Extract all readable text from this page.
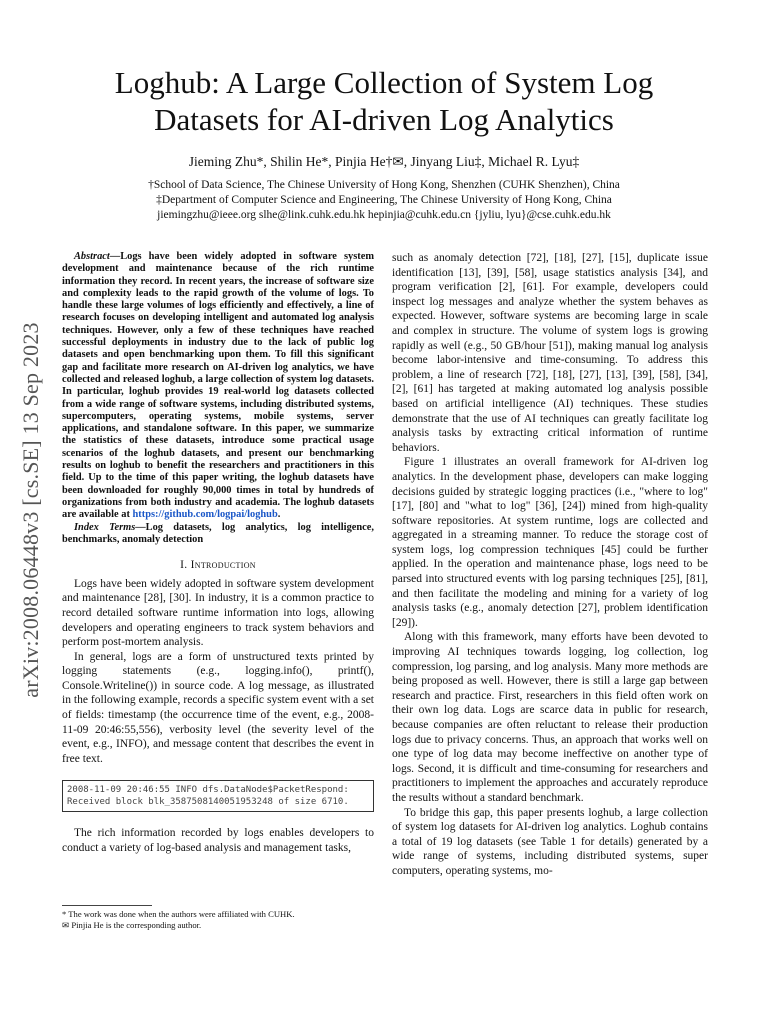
arXiv:2008.06448v3 [cs.SE] 13 Sep 2023
Loghub: A Large Collection of System Log
Datasets for AI-driven Log Analytics
Jieming Zhu*, Shilin He*, Pinjia He†✉, Jinyang Liu‡, Michael R. Lyu‡
†School of Data Science, The Chinese University of Hong Kong, Shenzhen (CUHK Shenzhen), China
‡Department of Computer Science and Engineering, The Chinese University of Hong Kong, China
jiemingzhu@ieee.org slhe@link.cuhk.edu.hk hepinjia@cuhk.edu.cn {jyliu, lyu}@cse.cuhk.edu.hk

Abstract—Logs have been widely adopted in software system development and maintenance because of the rich runtime information they record. In recent years, the increase of software size and complexity leads to the rapid growth of the volume of logs. To handle these large volumes of logs efficiently and effectively, a line of research focuses on developing intelligent and automated log analysis techniques. However, only a few of these techniques have reached successful deployments in industry due to the lack of public log datasets and open benchmarking upon them. To fill this significant gap and facilitate more research on AI-driven log analytics, we have collected and released loghub, a large collection of system log datasets. In particular, loghub provides 19 real-world log datasets collected from a wide range of software systems, including distributed systems, supercomputers, operating systems, mobile systems, server applications, and standalone software. In this paper, we summarize the statistics of these datasets, introduce some practical usage scenarios of the loghub datasets, and present our benchmarking results on loghub to benefit the researchers and practitioners in this field. Up to the time of this paper writing, the loghub datasets have been downloaded for roughly 90,000 times in total by hundreds of organizations from both industry and academia. The loghub datasets are available at https://github.com/logpai/loghub.

Index Terms—Log datasets, log analytics, log intelligence, benchmarks, anomaly detection

I. Introduction

Logs have been widely adopted in software system development and maintenance [28], [30]. In industry, it is a common practice to record detailed software runtime information into logs, allowing developers and operating engineers to track system behaviors and perform post-mortem analysis.

In general, logs are a form of unstructured texts printed by logging statements (e.g., logging.info(), printf(), Console.Writeline()) in source code. A log message, as illustrated in the following example, records a specific system event with a set of fields: timestamp (the occurrence time of the event, e.g., 2008-11-09 20:46:55,556), verbosity level (the severity level of the event, e.g., INFO), and message content that describes the event in free text.

2008-11-09 20:46:55 INFO dfs.DataNode$PacketRespond:
Received block blk_3587508140051953248 of size 6710.

The rich information recorded by logs enables developers to conduct a variety of log-based analysis and management tasks,

* The work was done when the authors were affiliated with CUHK.
✉ Pinjia He is the corresponding author.

such as anomaly detection [72], [18], [27], [15], duplicate issue identification [13], [39], [58], usage statistics analysis [34], and program verification [2], [61]. For example, developers could inspect log messages and analyze whether the system behaves as expected. However, software systems are becoming large in scale and complex in structure. The volume of system logs is growing rapidly as well (e.g., 50 GB/hour [51]), making manual log analysis become labor-intensive and time-consuming. To address this problem, a line of research [72], [18], [27], [13], [39], [58], [34], [2], [61] has targeted at making automated log analysis possible based on artificial intelligence (AI) techniques. These studies demonstrate that the use of AI techniques can greatly facilitate log analysis tasks by extracting critical information of runtime behaviors.

Figure 1 illustrates an overall framework for AI-driven log analytics. In the development phase, developers can make logging decisions guided by strategic logging practices (i.e., "where to log" [17], [80] and "what to log" [36], [24]) mined from high-quality software repositories. At system runtime, logs are collected and aggregated in a streaming manner. To reduce the storage cost of system logs, log compression techniques [45] could be further applied. In the operation and maintenance phase, logs need to be parsed into structured events with log parsing techniques [25], [81], and then facilitate the modeling and mining for a variety of log analysis tasks (e.g., anomaly detection [27], problem identification [29]).

Along with this framework, many efforts have been devoted to improving AI techniques towards logging, log collection, log compression, log parsing, and log analysis. Many more methods are being proposed as well. However, there is still a large gap between research and practice. First, researchers in this field often work on their own log data. Logs are scarce data in public for research, because companies are often reluctant to release their production logs due to privacy concerns. Thus, an approach that works well on one type of log data may become ineffective on another type of logs. Second, it is difficult and time-consuming for researchers and practitioners to implement the approaches and accurately reproduce the results without a standard benchmark.

To bridge this gap, this paper presents loghub, a large collection of system log datasets for AI-driven log analytics. Loghub contains a total of 19 log datasets (see Table 1 for details) generated by a wide range of systems, including distributed systems, super computers, operating systems, mo-
